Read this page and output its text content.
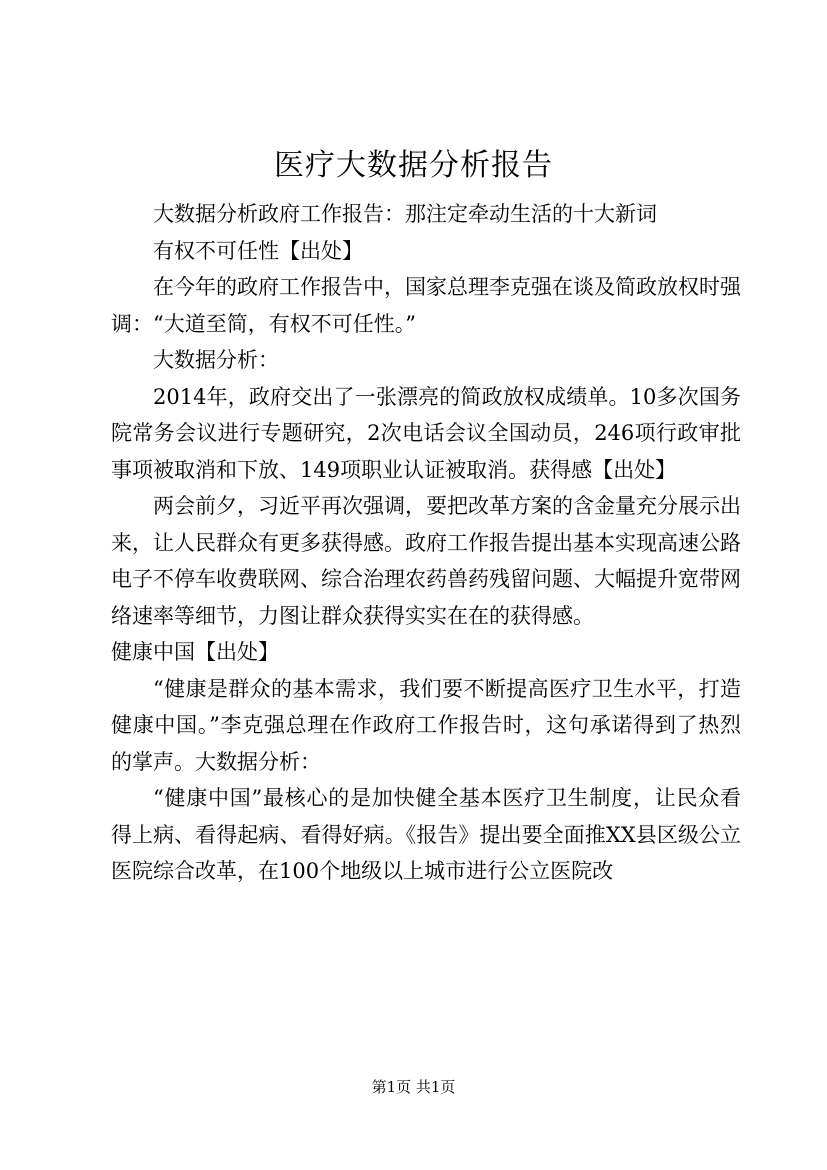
医疗大数据分析报告

大数据分析政府工作报告：那注定牵动生活的十大新词

有权不可任性【出处】

在今年的政府工作报告中，国家总理李克强在谈及简政放权时强调：“大道至简，有权不可任性。”

大数据分析：

2014年，政府交出了一张漂亮的简政放权成绩单。10多次国务院常务会议进行专题研究，2次电话会议全国动员，246项行政审批事项被取消和下放、149项职业认证被取消。获得感【出处】

两会前夕，习近平再次强调，要把改革方案的含金量充分展示出来，让人民群众有更多获得感。政府工作报告提出基本实现高速公路电子不停车收费联网、综合治理农药兽药残留问题、大幅提升宽带网络速率等细节，力图让群众获得实实在在的获得感。

健康中国【出处】

“健康是群众的基本需求，我们要不断提高医疗卫生水平，打造健康中国。”李克强总理在作政府工作报告时，这句承诺得到了热烈的掌声。大数据分析：

“健康中国”最核心的是加快健全基本医疗卫生制度，让民众看得上病、看得起病、看得好病。《报告》提出要全面推XX县区级公立医院综合改革，在100个地级以上城市进行公立医院改

第1页 共1页
